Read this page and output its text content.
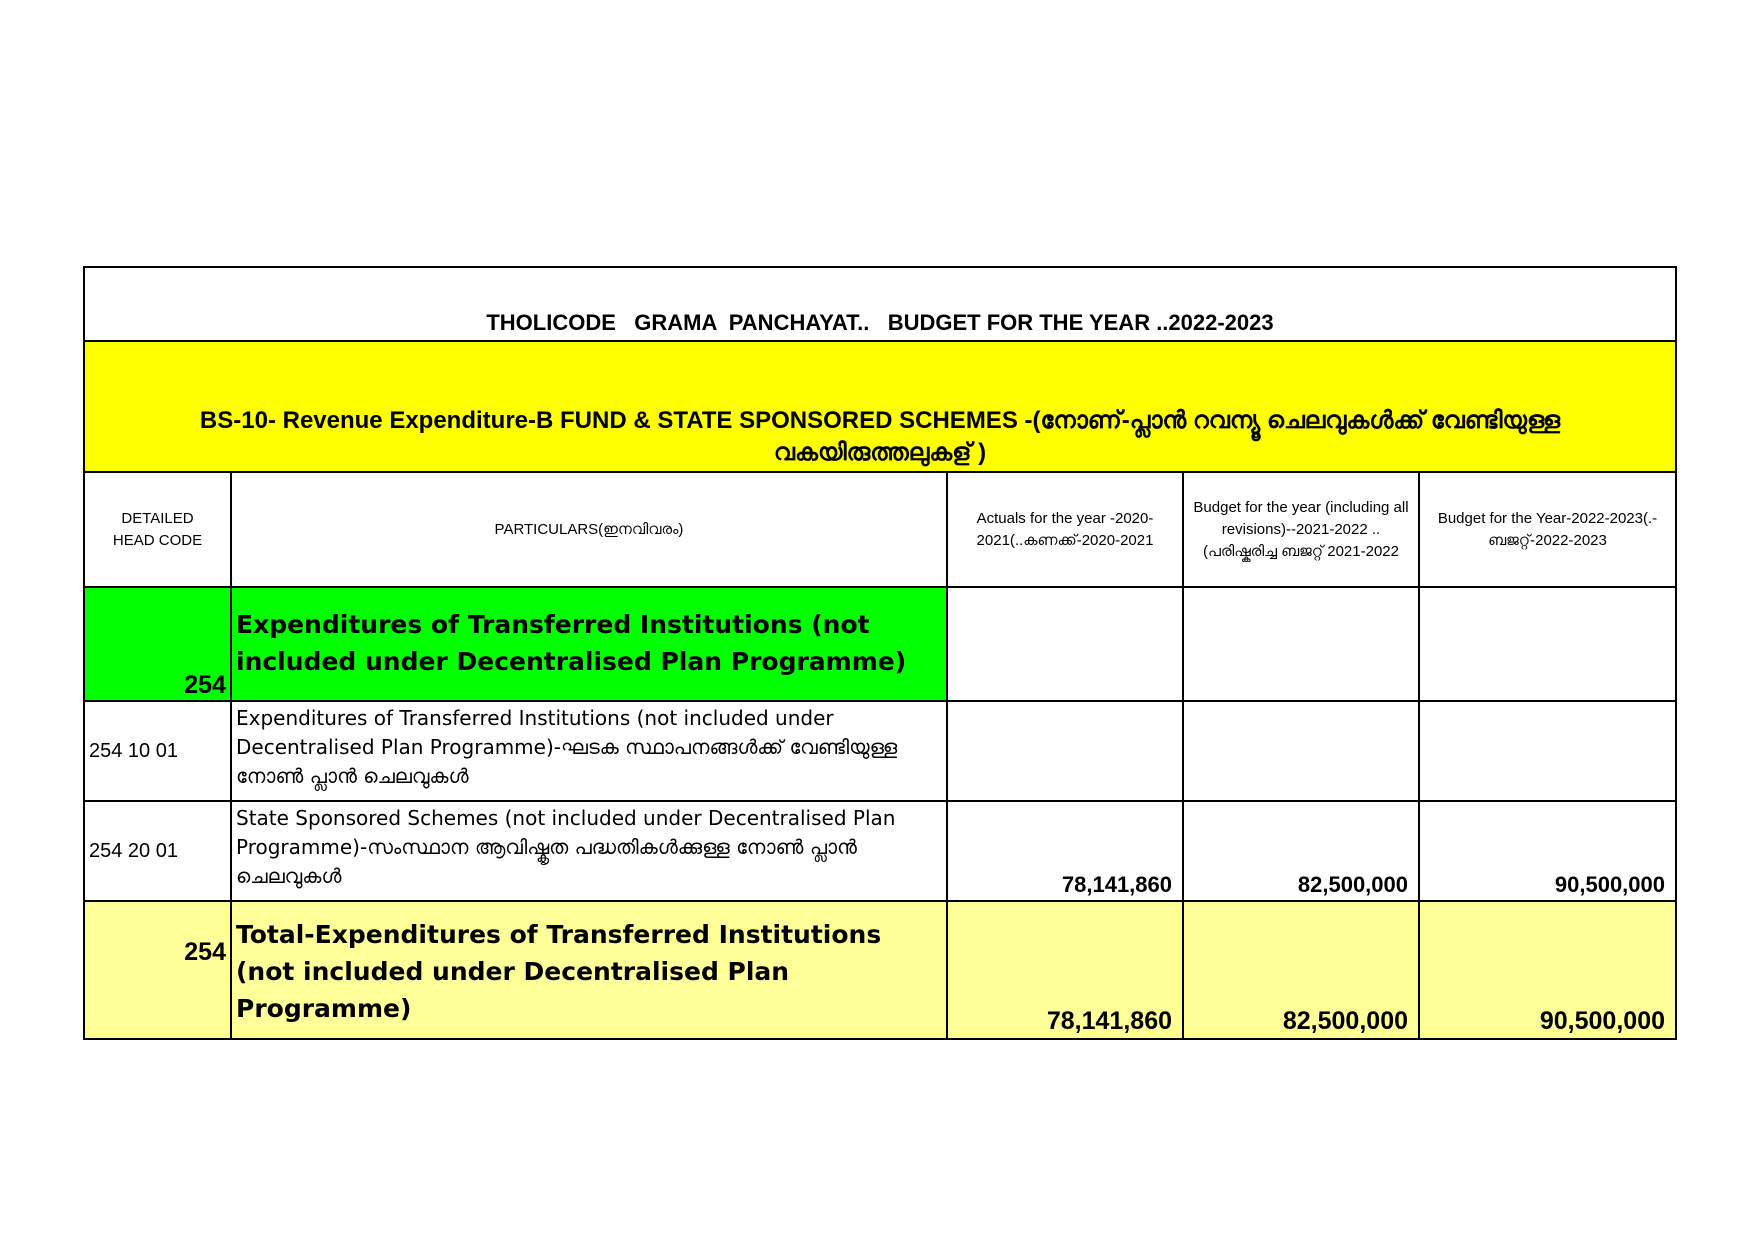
THOLICODE   GRAMA  PANCHAYAT..   BUDGET FOR THE YEAR ..2022-2023
BS-10- Revenue Expenditure-B FUND & STATE SPONSORED SCHEMES -(നോണ്-പ്ലാൻ റവന്യൂ ചെലവുകൾക്ക് വേണ്ടിയുള്ള വകയിരുത്തലുകള് )
DETAILED HEAD CODE	PARTICULARS(ഇനവിവരം)	Actuals for the year -2020-2021(..കണക്ക്-2020-2021	Budget for the year (including all revisions)--2021-2022 ..(പരിഷ്കരിച്ച ബജറ്റ് 2021-2022	Budget for the Year-2022-2023(.-ബജറ്റ്-2022-2023
254	Expenditures of Transferred Institutions (not included under Decentralised Plan Programme)			
254 10 01	Expenditures of Transferred Institutions (not included under Decentralised Plan Programme)-ഘടക സ്ഥാപനങ്ങൾക്ക് വേണ്ടിയുള്ള നോൺ പ്ലാൻ ചെലവുകൾ			
254 20 01	State Sponsored Schemes (not included under Decentralised Plan Programme)-സംസ്ഥാന ആവിഷ്കൃത പദ്ധതികൾക്കുള്ള നോൺ പ്ലാൻ ചെലവുകൾ	78,141,860	82,500,000	90,500,000
254	Total-Expenditures of Transferred Institutions (not included under Decentralised Plan Programme)	78,141,860	82,500,000	90,500,000
